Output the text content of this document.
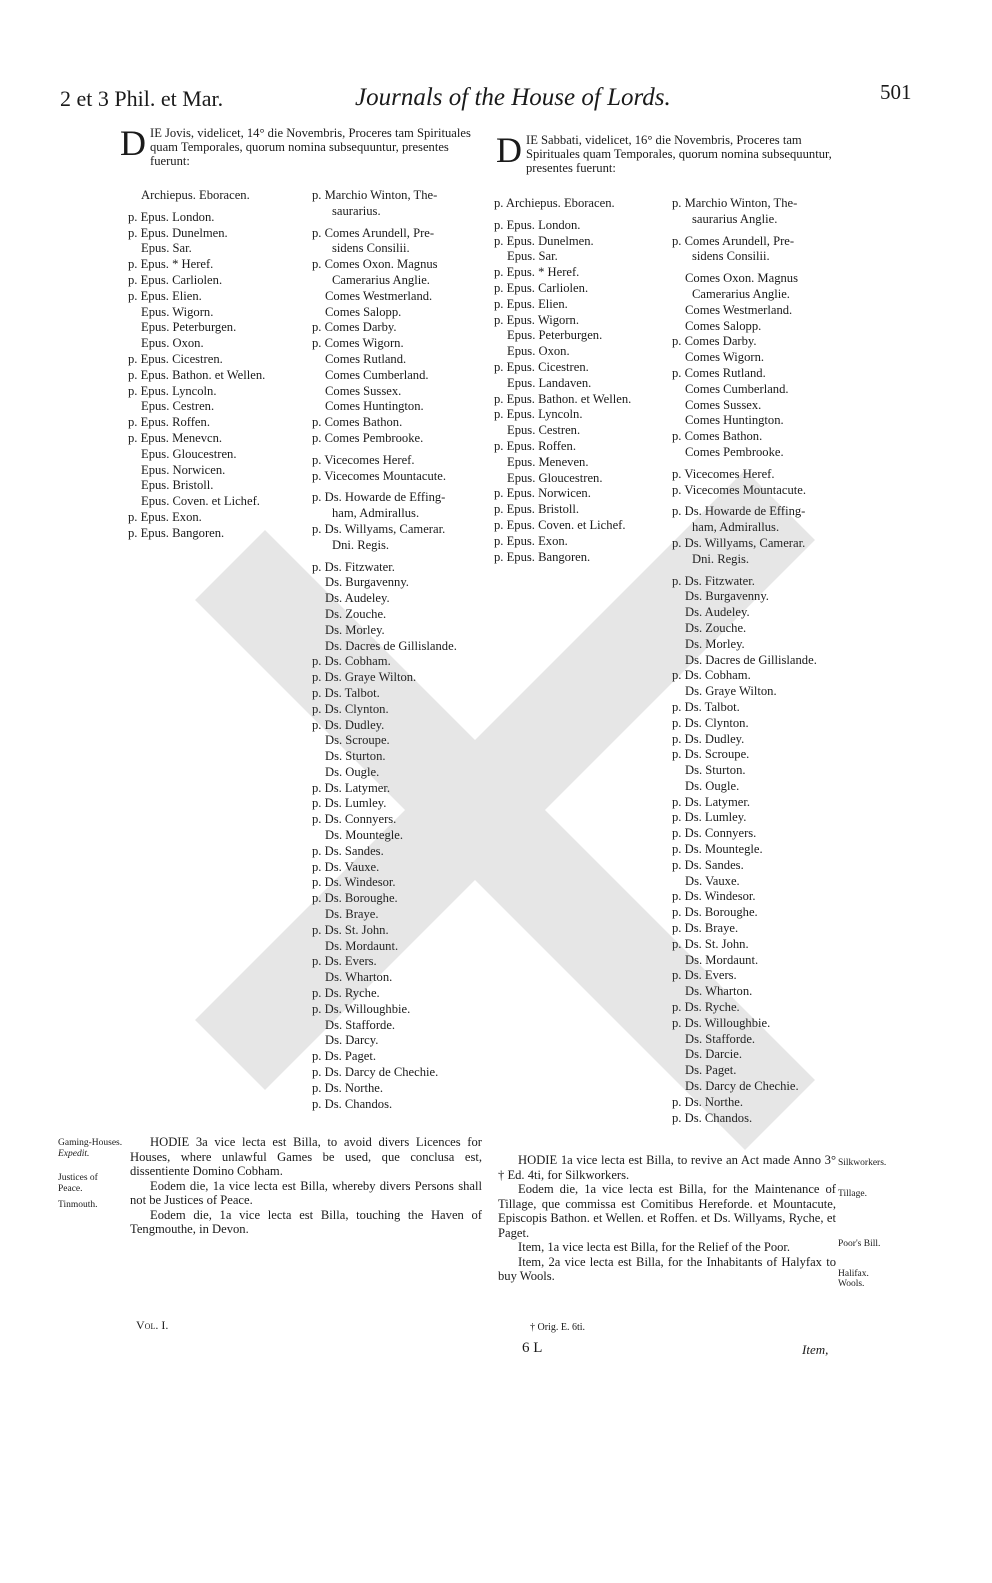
2 et 3 Phil. et Mar.	Journals of the House of Lords.	501
D IE Jovis, videlicet, 14° die Novembris, Proceres tam Spirituales quam Temporales, quorum nomina subsequuntur, presentes fuerunt:
Archiepus. Eboracen.
p. Epus. London.
p. Epus. Dunelmen.
Epus. Sar.
p. Epus. * Heref.
p. Epus. Carliolen.
p. Epus. Elien.
Epus. Wigorn.
Epus. Peterburgen.
Epus. Oxon.
p. Epus. Cicestren.
p. Epus. Bathon. et Wellen.
p. Epus. Lyncoln.
Epus. Cestren.
p. Epus. Roffen.
p. Epus. Menevcn.
Epus. Gloucestren.
Epus. Norwicen.
Epus. Bristoll.
Epus. Coven. et Lichef.
p. Epus. Exon.
p. Epus. Bangoren.
p. Marchio Winton, The-
saurarius.
p. Comes Arundell, Pre-
sidens Consilii.
p. Comes Oxon. Magnus
Camerarius Anglie.
Comes Westmerland.
Comes Salopp.
p. Comes Darby.
p. Comes Wigorn.
Comes Rutland.
Comes Cumberland.
Comes Sussex.
Comes Huntington.
p. Comes Bathon.
p. Comes Pembrooke.
p. Vicecomes Heref.
p. Vicecomes Mountacute.
p. Ds. Howarde de Effing-
ham, Admirallus.
p. Ds. Willyams, Camerar.
Dni. Regis.
p. Ds. Fitzwater.
Ds. Burgavenny.
Ds. Audeley.
Ds. Zouche.
Ds. Morley.
Ds. Dacres de Gillislande.
p. Ds. Cobham.
p. Ds. Graye Wilton.
p. Ds. Talbot.
p. Ds. Clynton.
p. Ds. Dudley.
Ds. Scroupe.
Ds. Sturton.
Ds. Ougle.
p. Ds. Latymer.
p. Ds. Lumley.
p. Ds. Connyers.
Ds. Mountegle.
p. Ds. Sandes.
p. Ds. Vauxe.
p. Ds. Windesor.
p. Ds. Boroughe.
Ds. Braye.
p. Ds. St. John.
Ds. Mordaunt.
p. Ds. Evers.
Ds. Wharton.
p. Ds. Ryche.
p. Ds. Willoughbie.
Ds. Stafforde.
Ds. Darcy.
p. Ds. Paget.
p. Ds. Darcy de Chechie.
p. Ds. Northe.
p. Ds. Chandos.
D IE Sabbati, videlicet, 16° die Novembris, Proceres tam Spirituales quam Temporales, quorum nomina subsequuntur, presentes fuerunt:
p. Archiepus. Eboracen.
p. Epus. London.
p. Epus. Dunelmen.
Epus. Sar.
p. Epus. * Heref.
p. Epus. Carliolen.
p. Epus. Elien.
p. Epus. Wigorn.
Epus. Peterburgen.
Epus. Oxon.
p. Epus. Cicestren.
Epus. Landaven.
p. Epus. Bathon. et Wellen.
p. Epus. Lyncoln.
Epus. Cestren.
p. Epus. Roffen.
Epus. Meneven.
Epus. Gloucestren.
p. Epus. Norwicen.
p. Epus. Bristoll.
p. Epus. Coven. et Lichef.
p. Epus. Exon.
p. Epus. Bangoren.
p. Marchio Winton, The-
saurarius Anglie.
p. Comes Arundell, Pre-
sidens Consilii.
Comes Oxon. Magnus
Camerarius Anglie.
Comes Westmerland.
Comes Salopp.
p. Comes Darby.
Comes Wigorn.
p. Comes Rutland.
Comes Cumberland.
Comes Sussex.
Comes Huntington.
p. Comes Bathon.
Comes Pembrooke.
p. Vicecomes Heref.
p. Vicecomes Mountacute.
p. Ds. Howarde de Effing-
ham, Admirallus.
p. Ds. Willyams, Camerar.
Dni. Regis.
p. Ds. Fitzwater.
Ds. Burgavenny.
Ds. Audeley.
Ds. Zouche.
Ds. Morley.
Ds. Dacres de Gillislande.
p. Ds. Cobham.
Ds. Graye Wilton.
p. Ds. Talbot.
p. Ds. Clynton.
p. Ds. Dudley.
p. Ds. Scroupe.
Ds. Sturton.
Ds. Ougle.
p. Ds. Latymer.
p. Ds. Lumley.
p. Ds. Connyers.
p. Ds. Mountegle.
p. Ds. Sandes.
Ds. Vauxe.
p. Ds. Windesor.
p. Ds. Boroughe.
p. Ds. Braye.
p. Ds. St. John.
Ds. Mordaunt.
p. Ds. Evers.
Ds. Wharton.
p. Ds. Ryche.
p. Ds. Willoughbie.
Ds. Stafforde.
Ds. Darcie.
Ds. Paget.
Ds. Darcy de Chechie.
p. Ds. Northe.
p. Ds. Chandos.

HODIE 3a vice lecta est Billa, to avoid divers Licences for Houses, where unlawful Games be used, que conclusa est, dissentiente Domino Cobham.

Eodem die, 1a vice lecta est Billa, whereby divers Persons shall not be Justices of Peace.

Eodem die, 1a vice lecta est Billa, touching the Haven of Tengmouthe, in Devon.

Gaming-Houses.
Expedit.
Justices of
Peace.
Tinmouth.

HODIE 1a vice lecta est Billa, to revive an Act made Anno 3° † Ed. 4ti, for Silkworkers.

Eodem die, 1a vice lecta est Billa, for the Maintenance of Tillage, que commissa est Comitibus Hereforde. et Mountacute, Episcopis Bathon. et Wellen. et Roffen. et Ds. Willyams, Ryche, et Paget.

Item, 1a vice lecta est Billa, for the Relief of the Poor.

Item, 2a vice lecta est Billa, for the Inhabitants of Halyfax to buy Wools.

Silkworkers.
Tillage.
Poor's Bill.
Halifax.
Wools.
Vol. I.	† Orig. E. 6ti.
6 L	Item,
